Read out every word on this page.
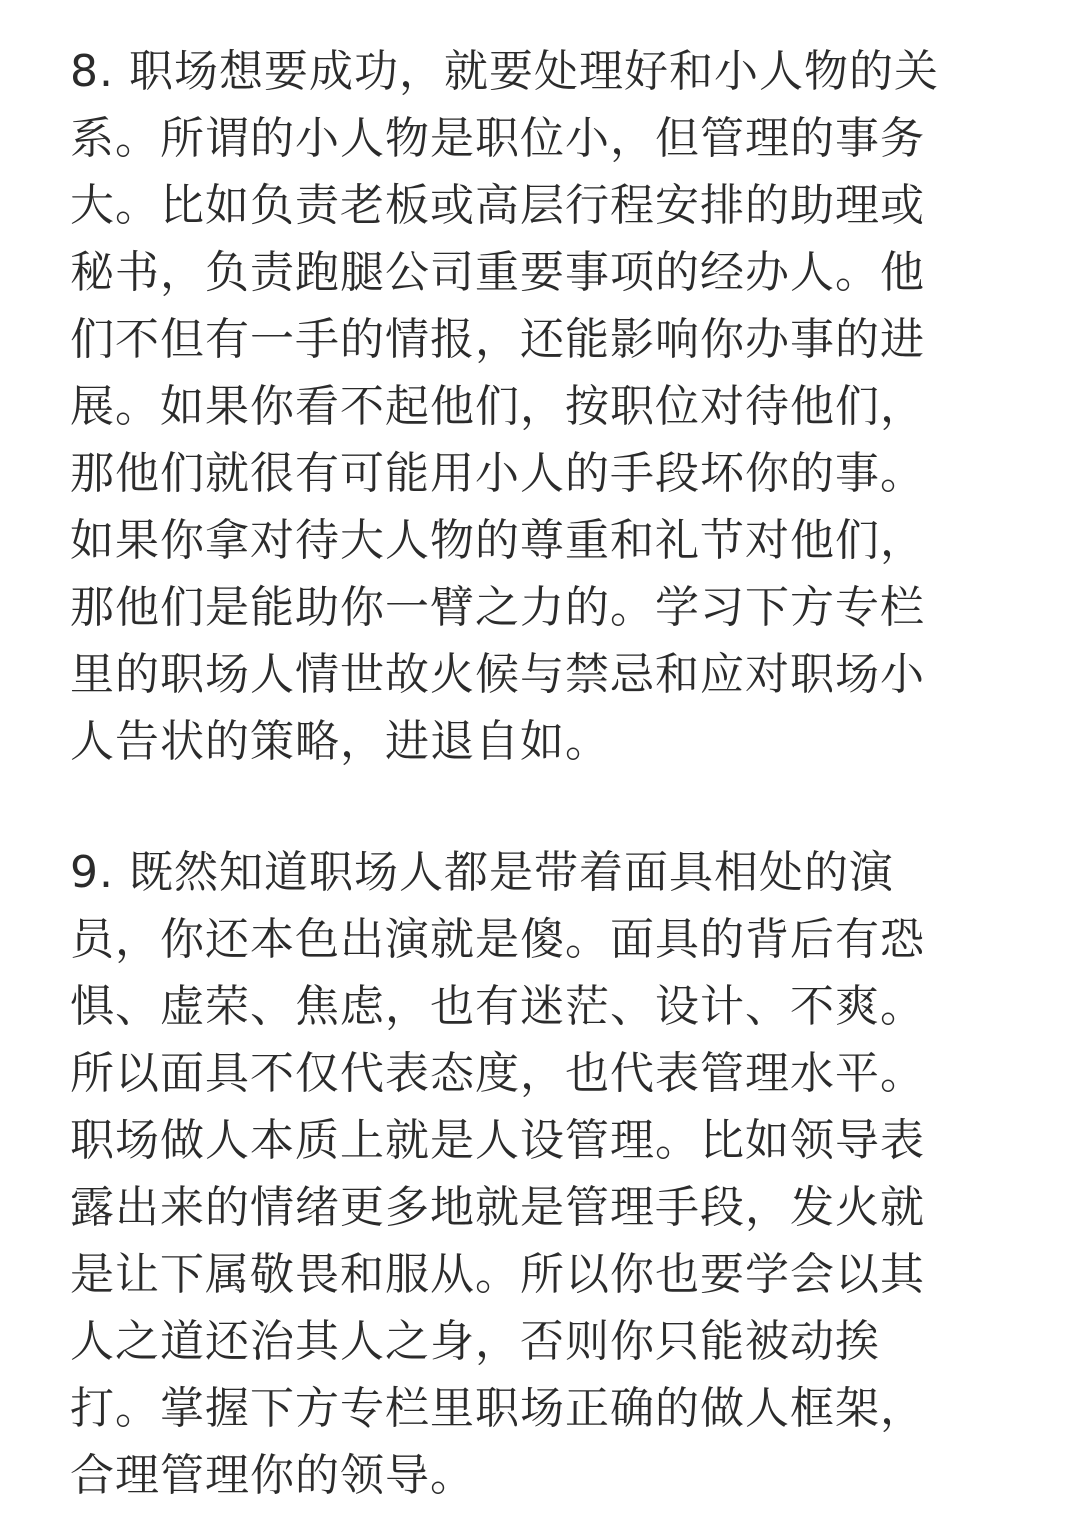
8. 职场想要成功，就要处理好和小人物的关
系。所谓的小人物是职位小，但管理的事务
大。比如负责老板或高层行程安排的助理或
秘书，负责跑腿公司重要事项的经办人。他
们不但有一手的情报，还能影响你办事的进
展。如果你看不起他们，按职位对待他们，
那他们就很有可能用小人的手段坏你的事。
如果你拿对待大人物的尊重和礼节对他们，
那他们是能助你一臂之力的。学习下方专栏
里的职场人情世故火候与禁忌和应对职场小
人告状的策略，进退自如。
9. 既然知道职场人都是带着面具相处的演
员，你还本色出演就是傻。面具的背后有恐
惧、虚荣、焦虑，也有迷茫、设计、不爽。
所以面具不仅代表态度，也代表管理水平。
职场做人本质上就是人设管理。比如领导表
露出来的情绪更多地就是管理手段，发火就
是让下属敬畏和服从。所以你也要学会以其
人之道还治其人之身，否则你只能被动挨
打。掌握下方专栏里职场正确的做人框架，
合理管理你的领导。
